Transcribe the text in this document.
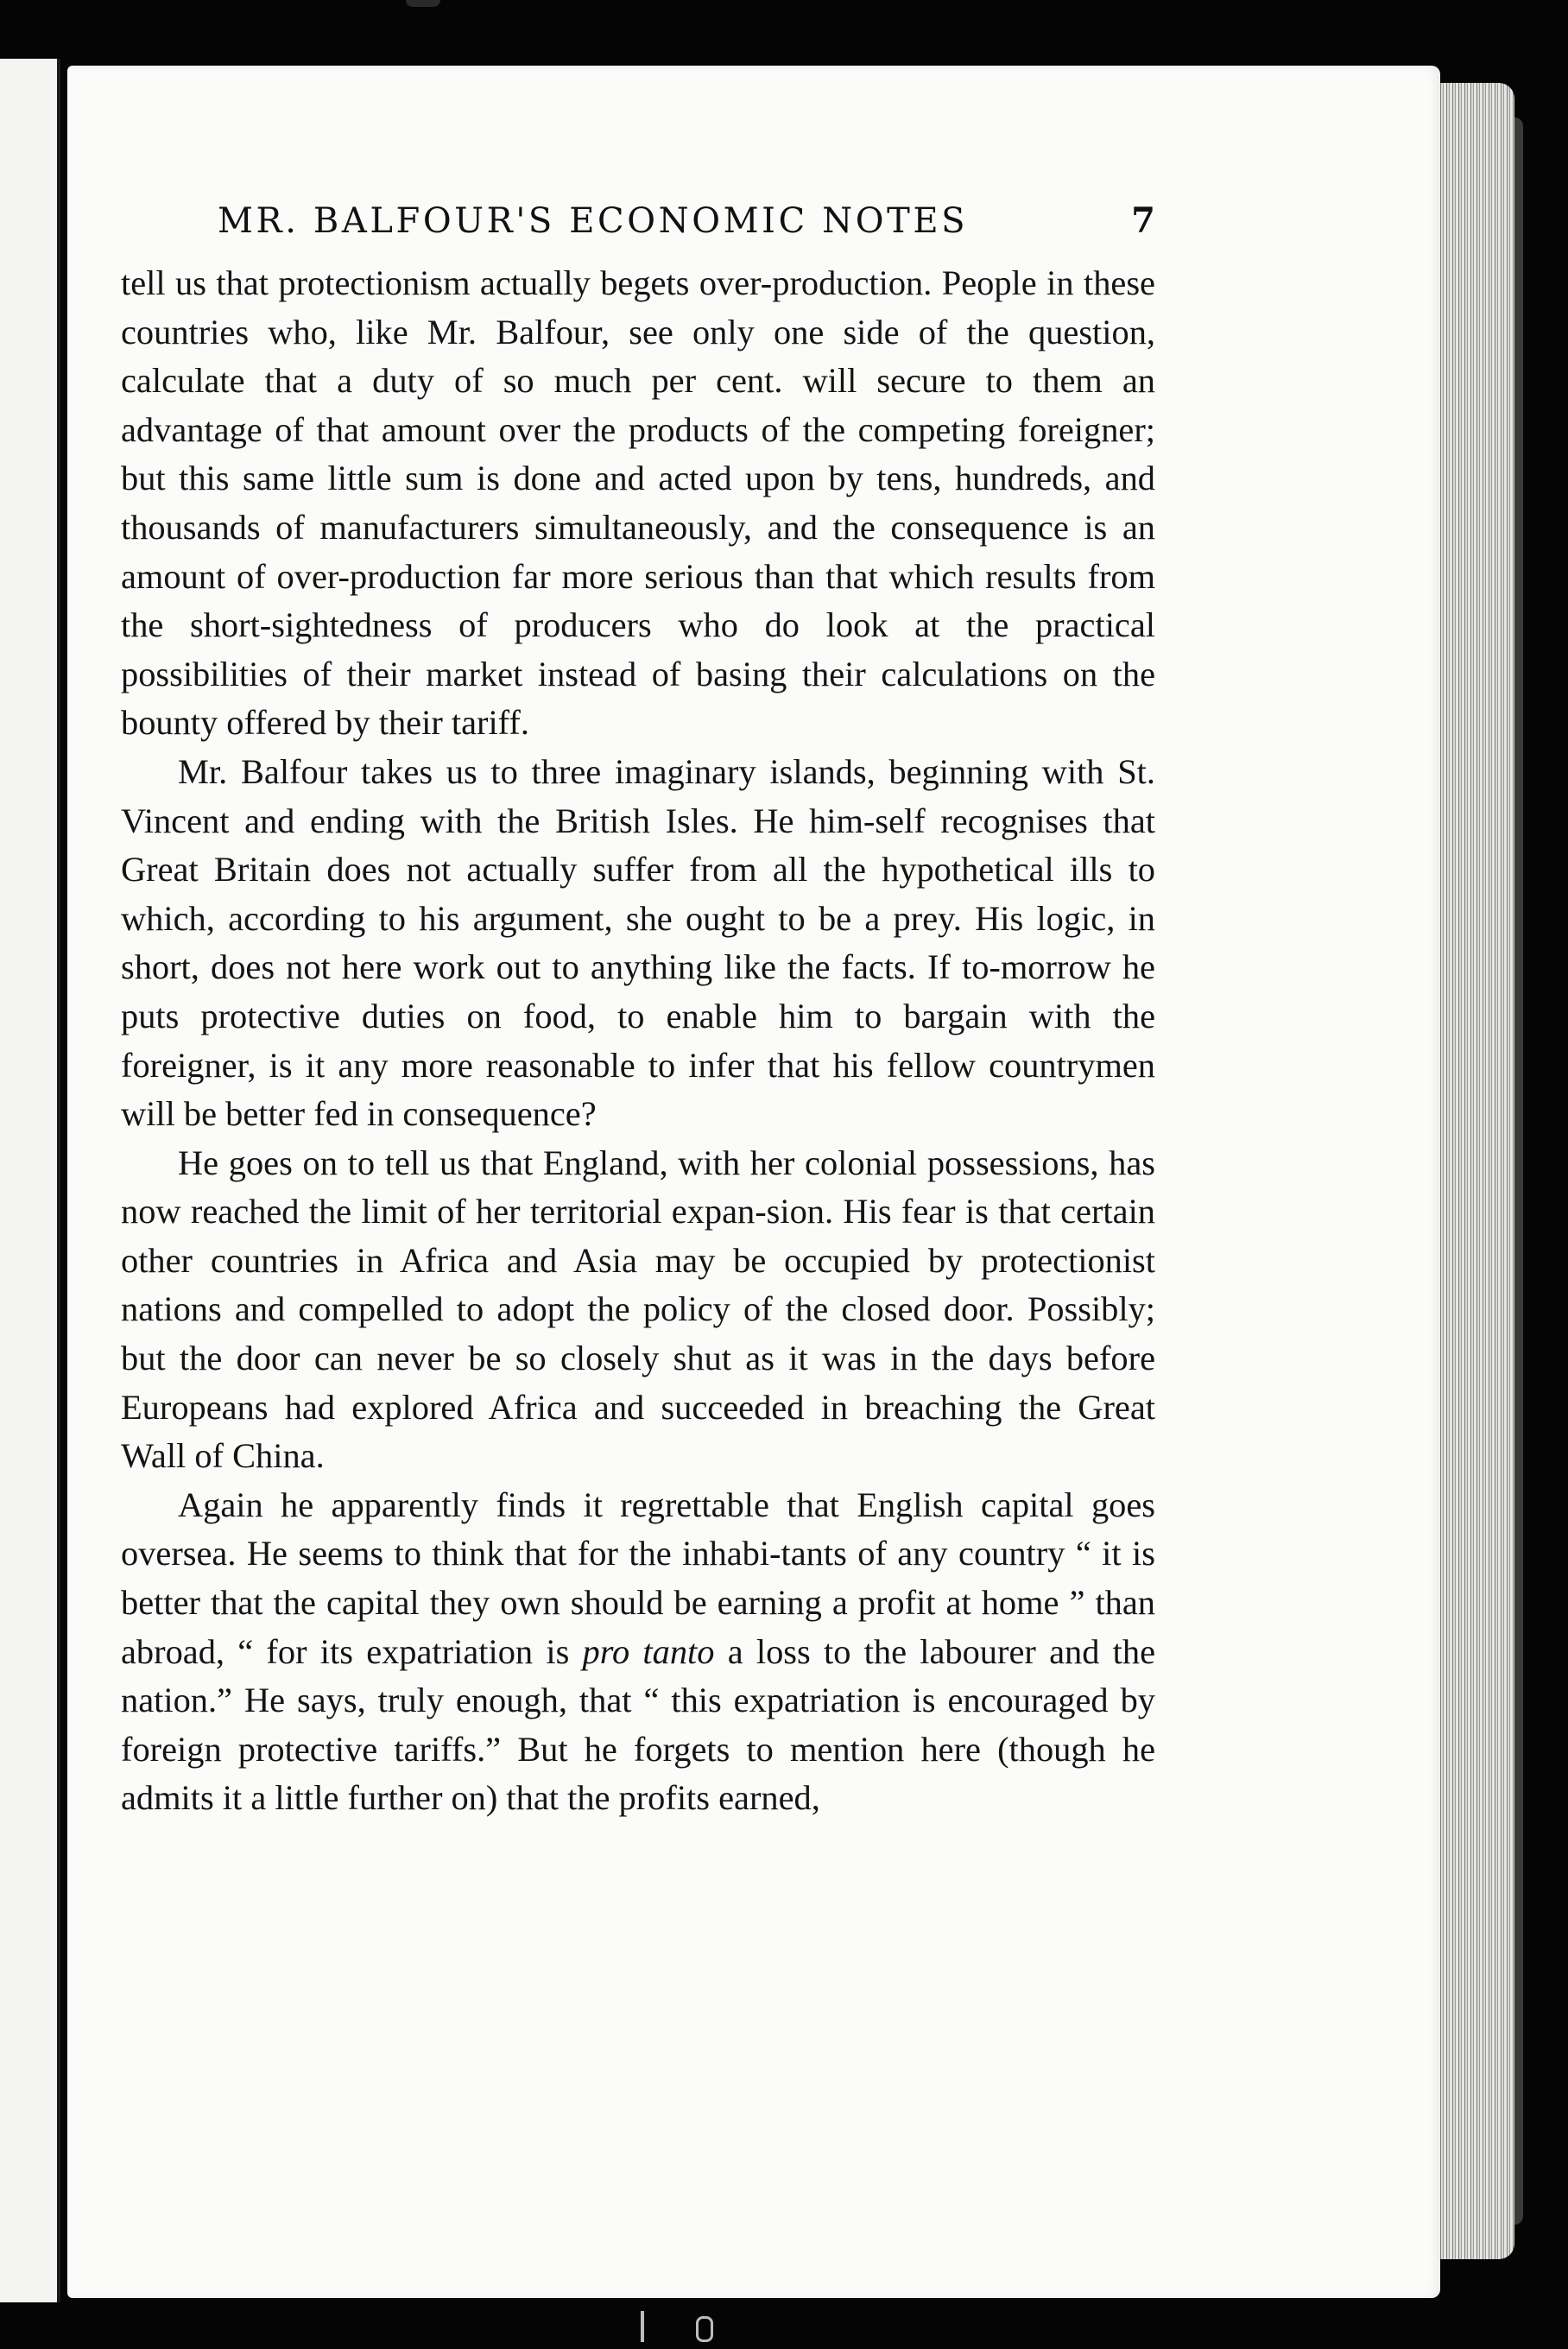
MR. BALFOUR'S ECONOMIC NOTES	7

tell us that protectionism actually begets over-production. People in these countries who, like Mr. Balfour, see only one side of the question, calculate that a duty of so much per cent. will secure to them an advantage of that amount over the products of the competing foreigner; but this same little sum is done and acted upon by tens, hundreds, and thousands of manufacturers simultaneously, and the consequence is an amount of over-production far more serious than that which results from the short-sightedness of producers who do look at the practical possibilities of their market instead of basing their calculations on the bounty offered by their tariff.

Mr. Balfour takes us to three imaginary islands, beginning with St. Vincent and ending with the British Isles. He him-self recognises that Great Britain does not actually suffer from all the hypothetical ills to which, according to his argument, she ought to be a prey. His logic, in short, does not here work out to anything like the facts. If to-morrow he puts protective duties on food, to enable him to bargain with the foreigner, is it any more reasonable to infer that his fellow countrymen will be better fed in consequence?

He goes on to tell us that England, with her colonial possessions, has now reached the limit of her territorial expan-sion. His fear is that certain other countries in Africa and Asia may be occupied by protectionist nations and compelled to adopt the policy of the closed door. Possibly; but the door can never be so closely shut as it was in the days before Europeans had explored Africa and succeeded in breaching the Great Wall of China.

Again he apparently finds it regrettable that English capital goes oversea. He seems to think that for the inhabi-tants of any country “ it is better that the capital they own should be earning a profit at home ” than abroad, “ for its expatriation is pro tanto a loss to the labourer and the nation.” He says, truly enough, that “ this expatriation is encouraged by foreign protective tariffs.” But he forgets to mention here (though he admits it a little further on) that the profits earned,
